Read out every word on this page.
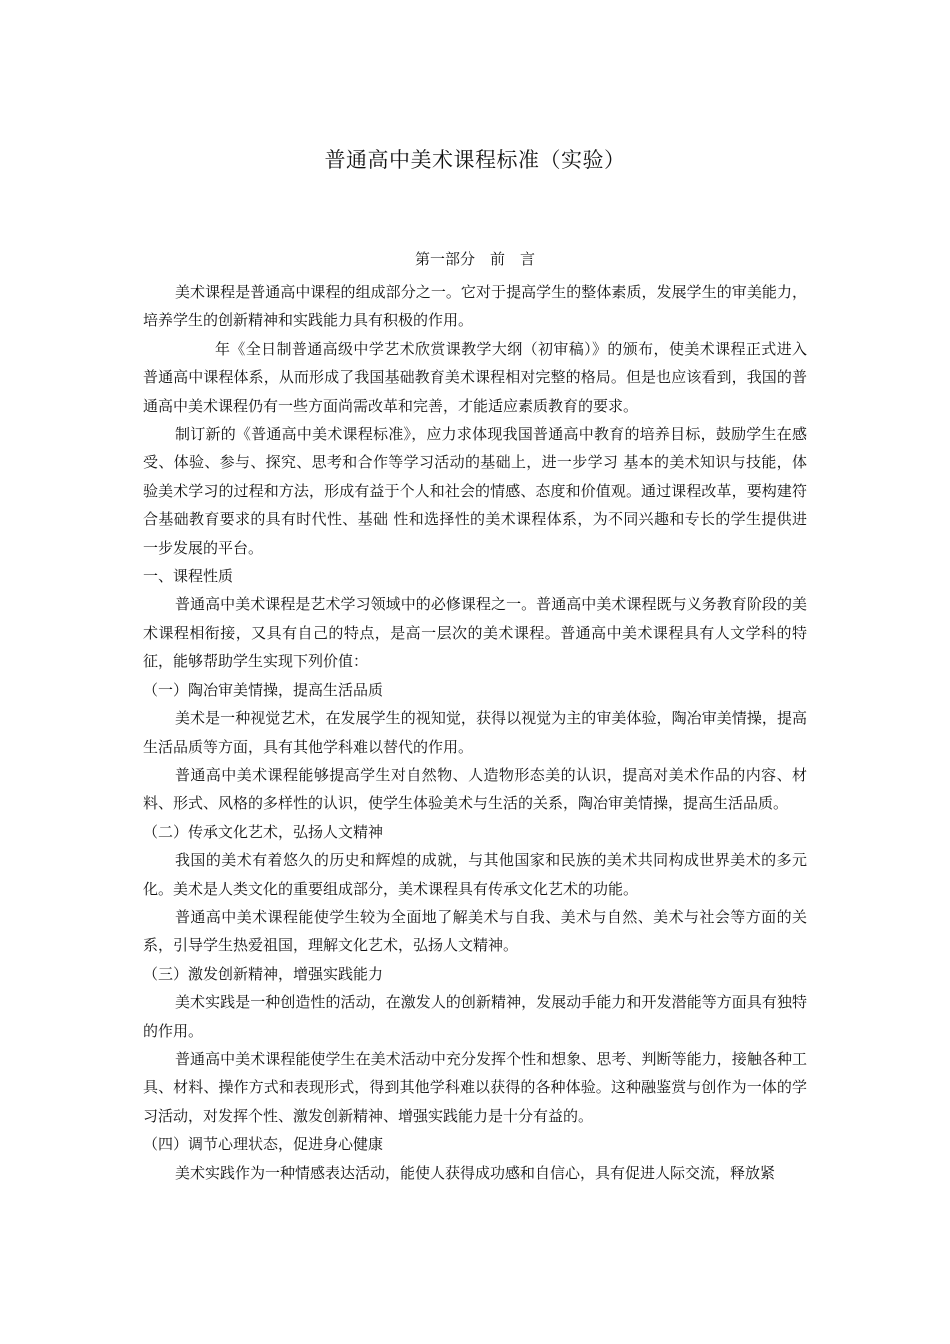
普通高中美术课程标准（实验）
第一部分　前　言

美术课程是普通高中课程的组成部分之一。它对于提高学生的整体素质，发展学生的审美能力，培养学生的创新精神和实践能力具有积极的作用。

年《全日制普通高级中学艺术欣赏课教学大纲（初审稿）》的颁布，使美术课程正式进入普通高中课程体系，从而形成了我国基础教育美术课程相对完整的格局。但是也应该看到，我国的普通高中美术课程仍有一些方面尚需改革和完善，才能适应素质教育的要求。

制订新的《普通高中美术课程标准》，应力求体现我国普通高中教育的培养目标，鼓励学生在感受、体验、参与、探究、思考和合作等学习活动的基础上，进一步学习 基本的美术知识与技能，体验美术学习的过程和方法，形成有益于个人和社会的情感、态度和价值观。通过课程改革，要构建符合基础教育要求的具有时代性、基础 性和选择性的美术课程体系，为不同兴趣和专长的学生提供进一步发展的平台。

一、课程性质

普通高中美术课程是艺术学习领域中的必修课程之一。普通高中美术课程既与义务教育阶段的美术课程相衔接，又具有自己的特点，是高一层次的美术课程。普通高中美术课程具有人文学科的特征，能够帮助学生实现下列价值：

（一）陶冶审美情操，提高生活品质

美术是一种视觉艺术，在发展学生的视知觉，获得以视觉为主的审美体验，陶冶审美情操，提高生活品质等方面，具有其他学科难以替代的作用。

普通高中美术课程能够提高学生对自然物、人造物形态美的认识，提高对美术作品的内容、材料、形式、风格的多样性的认识，使学生体验美术与生活的关系，陶冶审美情操，提高生活品质。

（二）传承文化艺术，弘扬人文精神

我国的美术有着悠久的历史和辉煌的成就，与其他国家和民族的美术共同构成世界美术的多元化。美术是人类文化的重要组成部分，美术课程具有传承文化艺术的功能。

普通高中美术课程能使学生较为全面地了解美术与自我、美术与自然、美术与社会等方面的关系，引导学生热爱祖国，理解文化艺术，弘扬人文精神。

（三）激发创新精神，增强实践能力

美术实践是一种创造性的活动，在激发人的创新精神，发展动手能力和开发潜能等方面具有独特的作用。

普通高中美术课程能使学生在美术活动中充分发挥个性和想象、思考、判断等能力，接触各种工具、材料、操作方式和表现形式，得到其他学科难以获得的各种体验。这种融鉴赏与创作为一体的学习活动，对发挥个性、激发创新精神、增强实践能力是十分有益的。

（四）调节心理状态，促进身心健康

美术实践作为一种情感表达活动，能使人获得成功感和自信心，具有促进人际交流，释放紧
